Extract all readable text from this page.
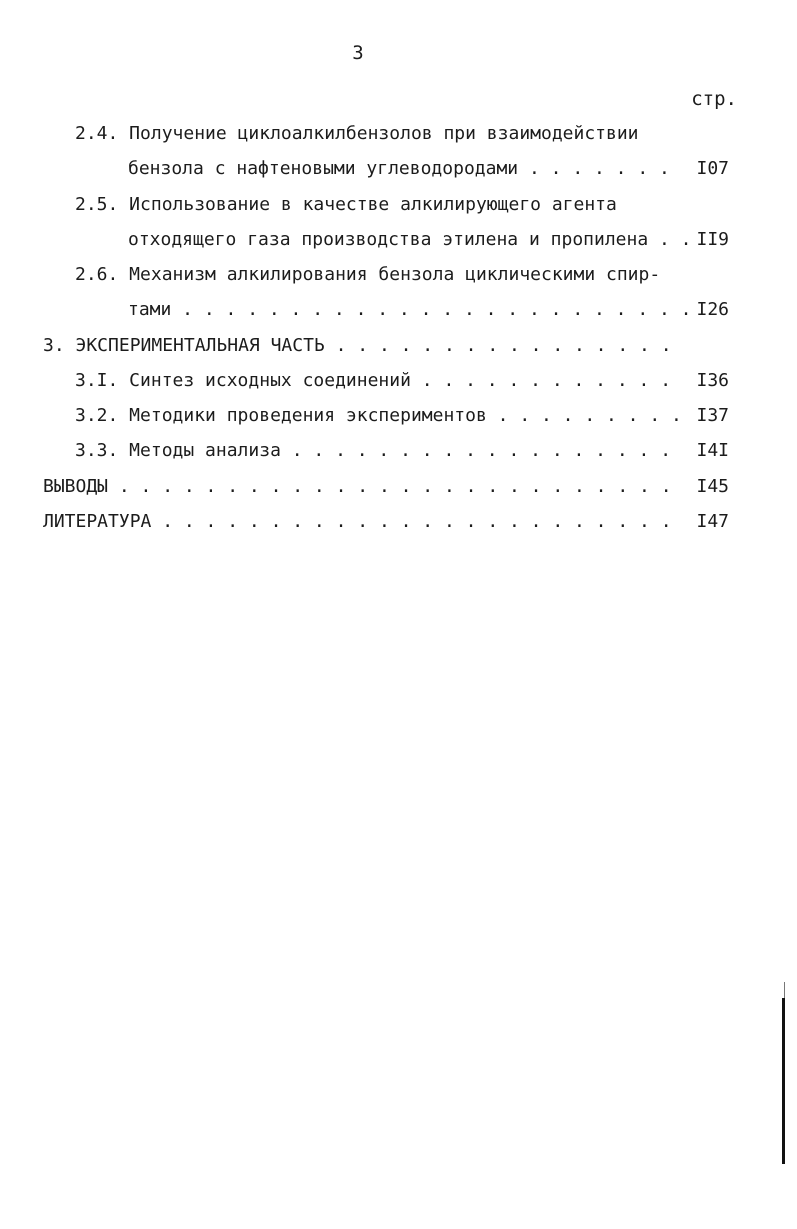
3
стр.
2.4. Получение циклоалкилбензолов при взаимодействии
бензола с нафтеновыми углеводородами . . . . . . . I07
2.5. Использование в качестве алкилирующего агента
отходящего газа производства этилена и пропилена . . II9
2.6. Механизм алкилирования бензола циклическими спир-
тами . . . . . . . . . . . . . . . . . . . . . . . . I26
3. ЭКСПЕРИМЕНТАЛЬНАЯ ЧАСТЬ . . . . . . . . . . . . . . . .
3.I. Синтез исходных соединений . . . . . . . . . . . . I36
3.2. Методики проведения экспериментов . . . . . . . . . I37
3.3. Методы анализа . . . . . . . . . . . . . . . . . . I4I
ВЫВОДЫ . . . . . . . . . . . . . . . . . . . . . . . . . . I45
ЛИТЕРАТУРА . . . . . . . . . . . . . . . . . . . . . . . . I47
